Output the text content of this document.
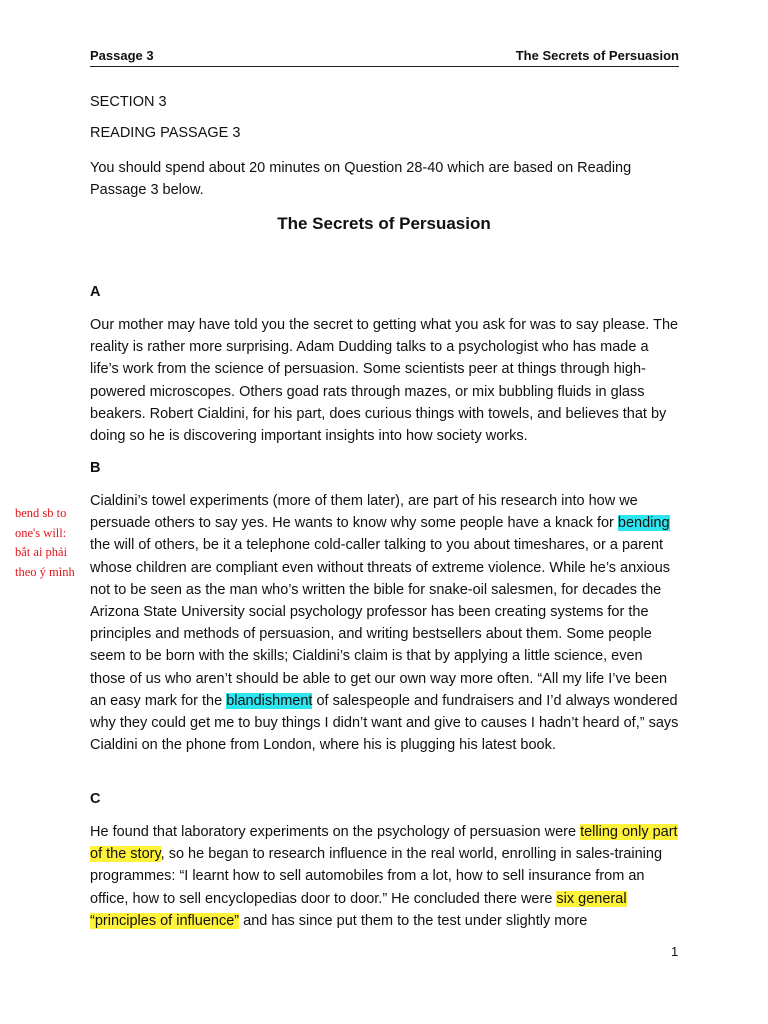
Passage 3	The Secrets of Persuasion
SECTION 3
READING PASSAGE 3
You should spend about 20 minutes on Question 28-40 which are based on Reading Passage 3 below.
The Secrets of Persuasion
A
Our mother may have told you the secret to getting what you ask for was to say please. The reality is rather more surprising. Adam Dudding talks to a psychologist who has made a life’s work from the science of persuasion. Some scientists peer at things through high-powered microscopes. Others goad rats through mazes, or mix bubbling fluids in glass beakers. Robert Cialdini, for his part, does curious things with towels, and believes that by doing so he is discovering important insights into how society works.
B
Cialdini’s towel experiments (more of them later), are part of his research into how we persuade others to say yes. He wants to know why some people have a knack for bending the will of others, be it a telephone cold-caller talking to you about timeshares, or a parent whose children are compliant even without threats of extreme violence. While he’s anxious not to be seen as the man who’s written the bible for snake-oil salesmen, for decades the Arizona State University social psychology professor has been creating systems for the principles and methods of persuasion, and writing bestsellers about them. Some people seem to be born with the skills; Cialdini’s claim is that by applying a little science, even those of us who aren’t should be able to get our own way more often. “All my life I’ve been an easy mark for the blandishment of salespeople and fundraisers and I’d always wondered why they could get me to buy things I didn’t want and give to causes I hadn’t heard of,” says Cialdini on the phone from London, where his is plugging his latest book.
bend sb to
one's will:
bắt ai phải
theo ý mình
C
He found that laboratory experiments on the psychology of persuasion were telling only part of the story, so he began to research influence in the real world, enrolling in sales-training programmes: “I learnt how to sell automobiles from a lot, how to sell insurance from an office, how to sell encyclopedias door to door.” He concluded there were six general “principles of influence” and has since put them to the test under slightly more
1
